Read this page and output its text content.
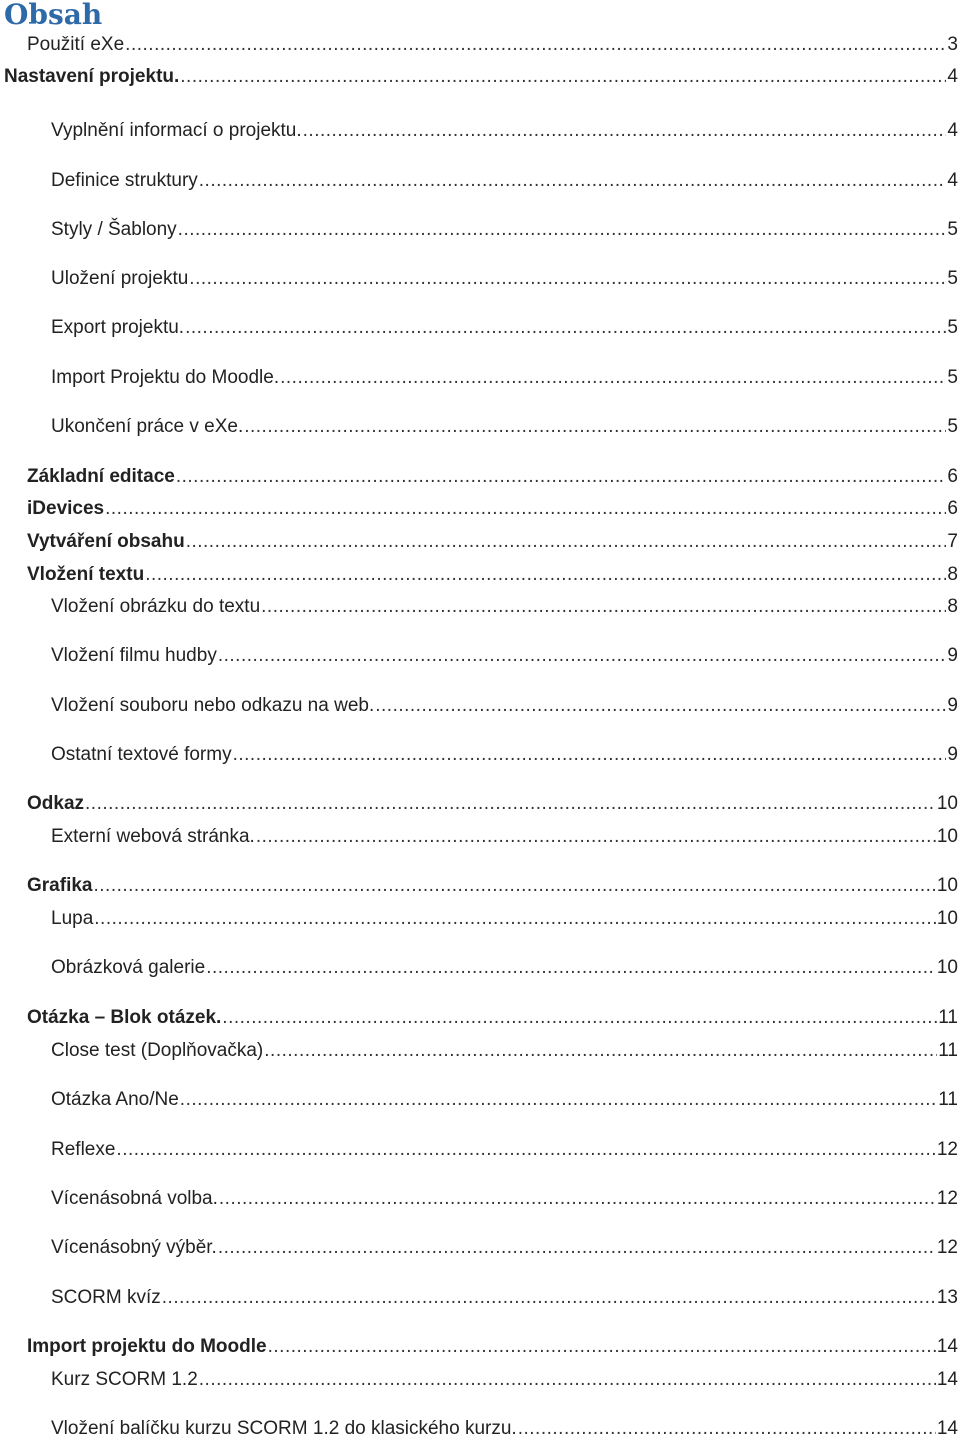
Obsah
Použití eXe .....	3
Nastavení projektu. .....	4
Vyplnění informací o projektu. .....	4
Definice struktury .....	4
Styly / Šablony .....	5
Uložení projektu .....	5
Export projektu. .....	5
Import Projektu do Moodle. .....	5
Ukončení práce v eXe. .....	5
Základní editace .....	6
iDevices .....	6
Vytváření obsahu .....	7
Vložení textu .....	8
Vložení obrázku do textu .....	8
Vložení filmu hudby .....	9
Vložení souboru nebo odkazu na web. .....	9
Ostatní textové formy .....	9
Odkaz .....	10
Externí webová stránka. .....	10
Grafika .....	10
Lupa .....	10
Obrázková galerie .....	10
Otázka – Blok otázek. .....	11
Close test (Doplňovačka) .....	11
Otázka Ano/Ne .....	11
Reflexe .....	12
Vícenásobná volba. .....	12
Vícenásobný výběr. .....	12
SCORM kvíz .....	13
Import projektu do Moodle .....	14
Kurz SCORM 1.2 .....	14
Vložení balíčku kurzu SCORM 1.2 do klasického kurzu. .....	14
